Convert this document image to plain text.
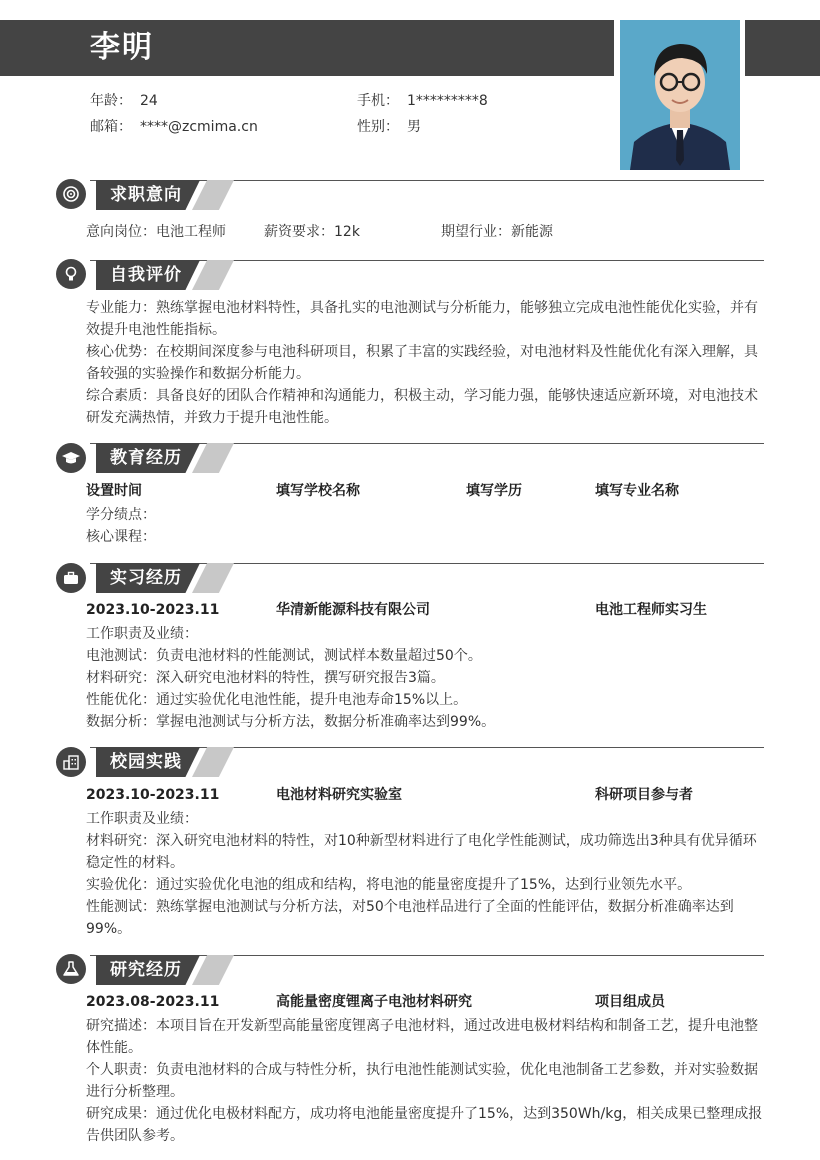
李明
年龄： 24	手机： 1*********8
邮箱： ****@zcmima.cn	性别： 男
求职意向
意向岗位：电池工程师	薪资要求：12k	期望行业：新能源
自我评价
专业能力：熟练掌握电池材料特性，具备扎实的电池测试与分析能力，能够独立完成电池性能优化实验，并有效提升电池性能指标。
核心优势：在校期间深度参与电池科研项目，积累了丰富的实践经验，对电池材料及性能优化有深入理解，具备较强的实验操作和数据分析能力。
综合素质：具备良好的团队合作精神和沟通能力，积极主动，学习能力强，能够快速适应新环境，对电池技术研发充满热情，并致力于提升电池性能。
教育经历
设置时间	填写学校名称	填写学历	填写专业名称
学分绩点：
核心课程：
实习经历
2023.10-2023.11	华清新能源科技有限公司	电池工程师实习生
工作职责及业绩：
电池测试：负责电池材料的性能测试，测试样本数量超过50个。
材料研究：深入研究电池材料的特性，撰写研究报告3篇。
性能优化：通过实验优化电池性能，提升电池寿命15%以上。
数据分析：掌握电池测试与分析方法，数据分析准确率达到99%。
校园实践
2023.10-2023.11	电池材料研究实验室	科研项目参与者
工作职责及业绩：
材料研究：深入研究电池材料的特性，对10种新型材料进行了电化学性能测试，成功筛选出3种具有优异循环稳定性的材料。
实验优化：通过实验优化电池的组成和结构，将电池的能量密度提升了15%，达到行业领先水平。
性能测试：熟练掌握电池测试与分析方法，对50个电池样品进行了全面的性能评估，数据分析准确率达到99%。
研究经历
2023.08-2023.11	高能量密度锂离子电池材料研究	项目组成员
研究描述：本项目旨在开发新型高能量密度锂离子电池材料，通过改进电极材料结构和制备工艺，提升电池整体性能。
个人职责：负责电池材料的合成与特性分析，执行电池性能测试实验，优化电池制备工艺参数，并对实验数据进行分析整理。
研究成果：通过优化电极材料配方，成功将电池能量密度提升了15%，达到350Wh/kg，相关成果已整理成报告供团队参考。
